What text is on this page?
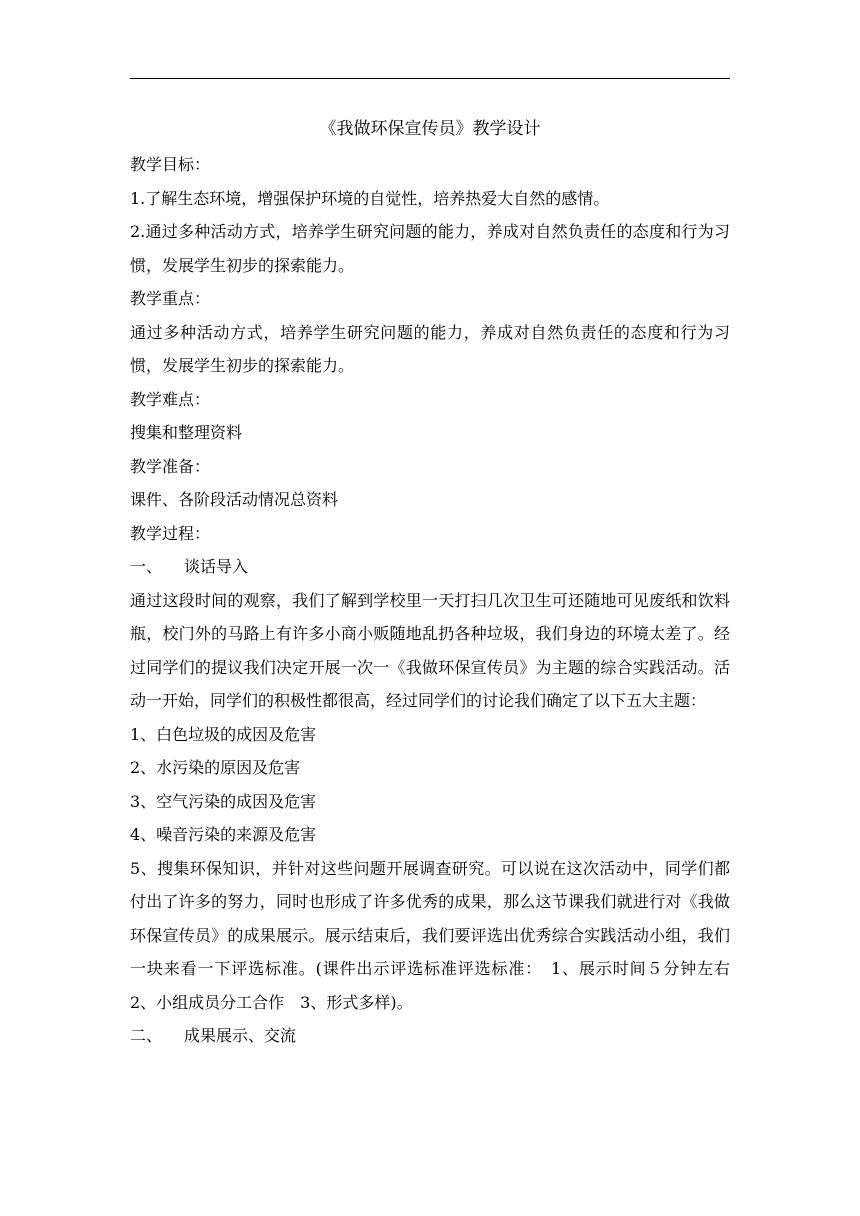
《我做环保宣传员》教学设计

教学目标：

1.了解生态环境，增强保护环境的自觉性，培养热爱大自然的感情。

2.通过多种活动方式，培养学生研究问题的能力，养成对自然负责任的态度和行为习惯，发展学生初步的探索能力。

教学重点：

通过多种活动方式，培养学生研究问题的能力，养成对自然负责任的态度和行为习惯，发展学生初步的探索能力。

教学难点：

搜集和整理资料

教学准备：

课件、各阶段活动情况总资料

教学过程：

一、 谈话导入

通过这段时间的观察，我们了解到学校里一天打扫几次卫生可还随地可见废纸和饮料瓶，校门外的马路上有许多小商小贩随地乱扔各种垃圾，我们身边的环境太差了。经过同学们的提议我们决定开展一次一《我做环保宣传员》为主题的综合实践活动。活动一开始，同学们的积极性都很高，经过同学们的讨论我们确定了以下五大主题：

1、白色垃圾的成因及危害

2、水污染的原因及危害

3、空气污染的成因及危害

4、噪音污染的来源及危害

5、搜集环保知识，并针对这些问题开展调查研究。可以说在这次活动中，同学们都付出了许多的努力，同时也形成了许多优秀的成果，那么这节课我们就进行对《我做环保宣传员》的成果展示。展示结束后，我们要评选出优秀综合实践活动小组，我们一块来看一下评选标准。(课件出示评选标准评选标准：　1、展示时间５分钟左右　2、小组成员分工合作　3、形式多样)。

二、 成果展示、交流
